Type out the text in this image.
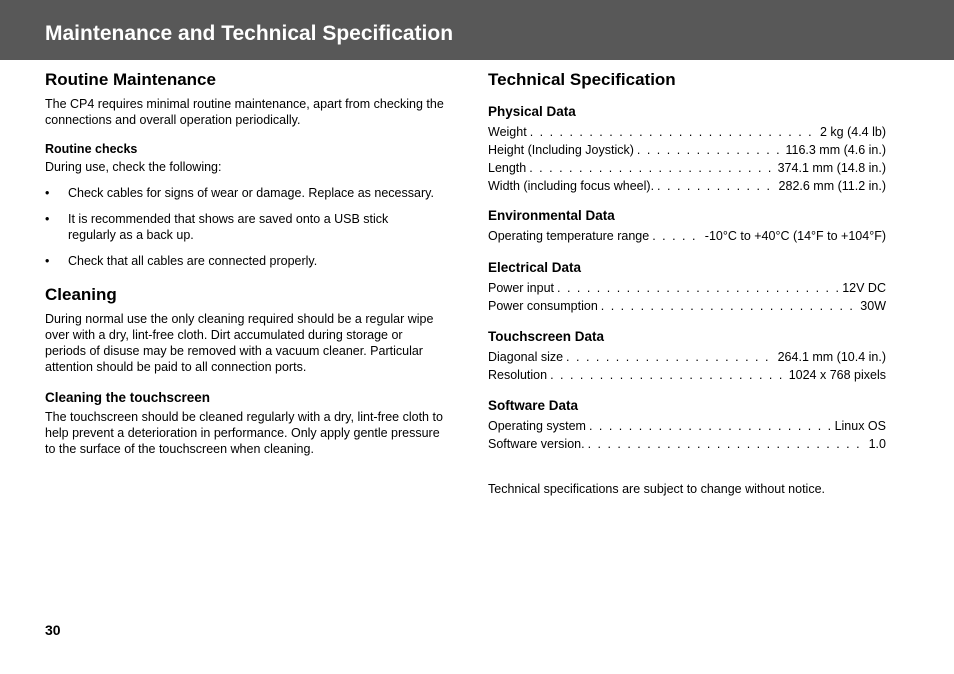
Maintenance and Technical Specification
Routine Maintenance

The CP4 requires minimal routine maintenance, apart from checking the connections and overall operation periodically.

Routine checks

During use, check the following:

• Check cables for signs of wear or damage. Replace as necessary.
• It is recommended that shows are saved onto a USB stick regularly as a back up.
• Check that all cables are connected properly.
Cleaning

During normal use the only cleaning required should be a regular wipe over with a dry, lint-free cloth. Dirt accumulated during storage or periods of disuse may be removed with a vacuum cleaner. Particular attention should be paid to all connection ports.

Cleaning the touchscreen

The touchscreen should be cleaned regularly with a dry, lint-free cloth to help prevent a deterioration in performance. Only apply gentle pressure to the surface of the touchscreen when cleaning.

Technical Specification
Physical Data
Weight . . .	2 kg (4.4 lb)
Height (Including Joystick) . . .	116.3 mm (4.6 in.)
Length . . .	374.1 mm (14.8 in.)
Width (including focus wheel). . . .	282.6 mm (11.2 in.)
Environmental Data
Operating temperature range . . .	-10°C to +40°C (14°F to +104°F)
Electrical Data
Power input . . .	12V DC
Power consumption . . .	30W
Touchscreen Data
Diagonal size . . .	264.1 mm (10.4 in.)
Resolution . . .	1024 x 768 pixels
Software Data
Operating system . . .	Linux OS
Software version. . . .	1.0

Technical specifications are subject to change without notice.

30
